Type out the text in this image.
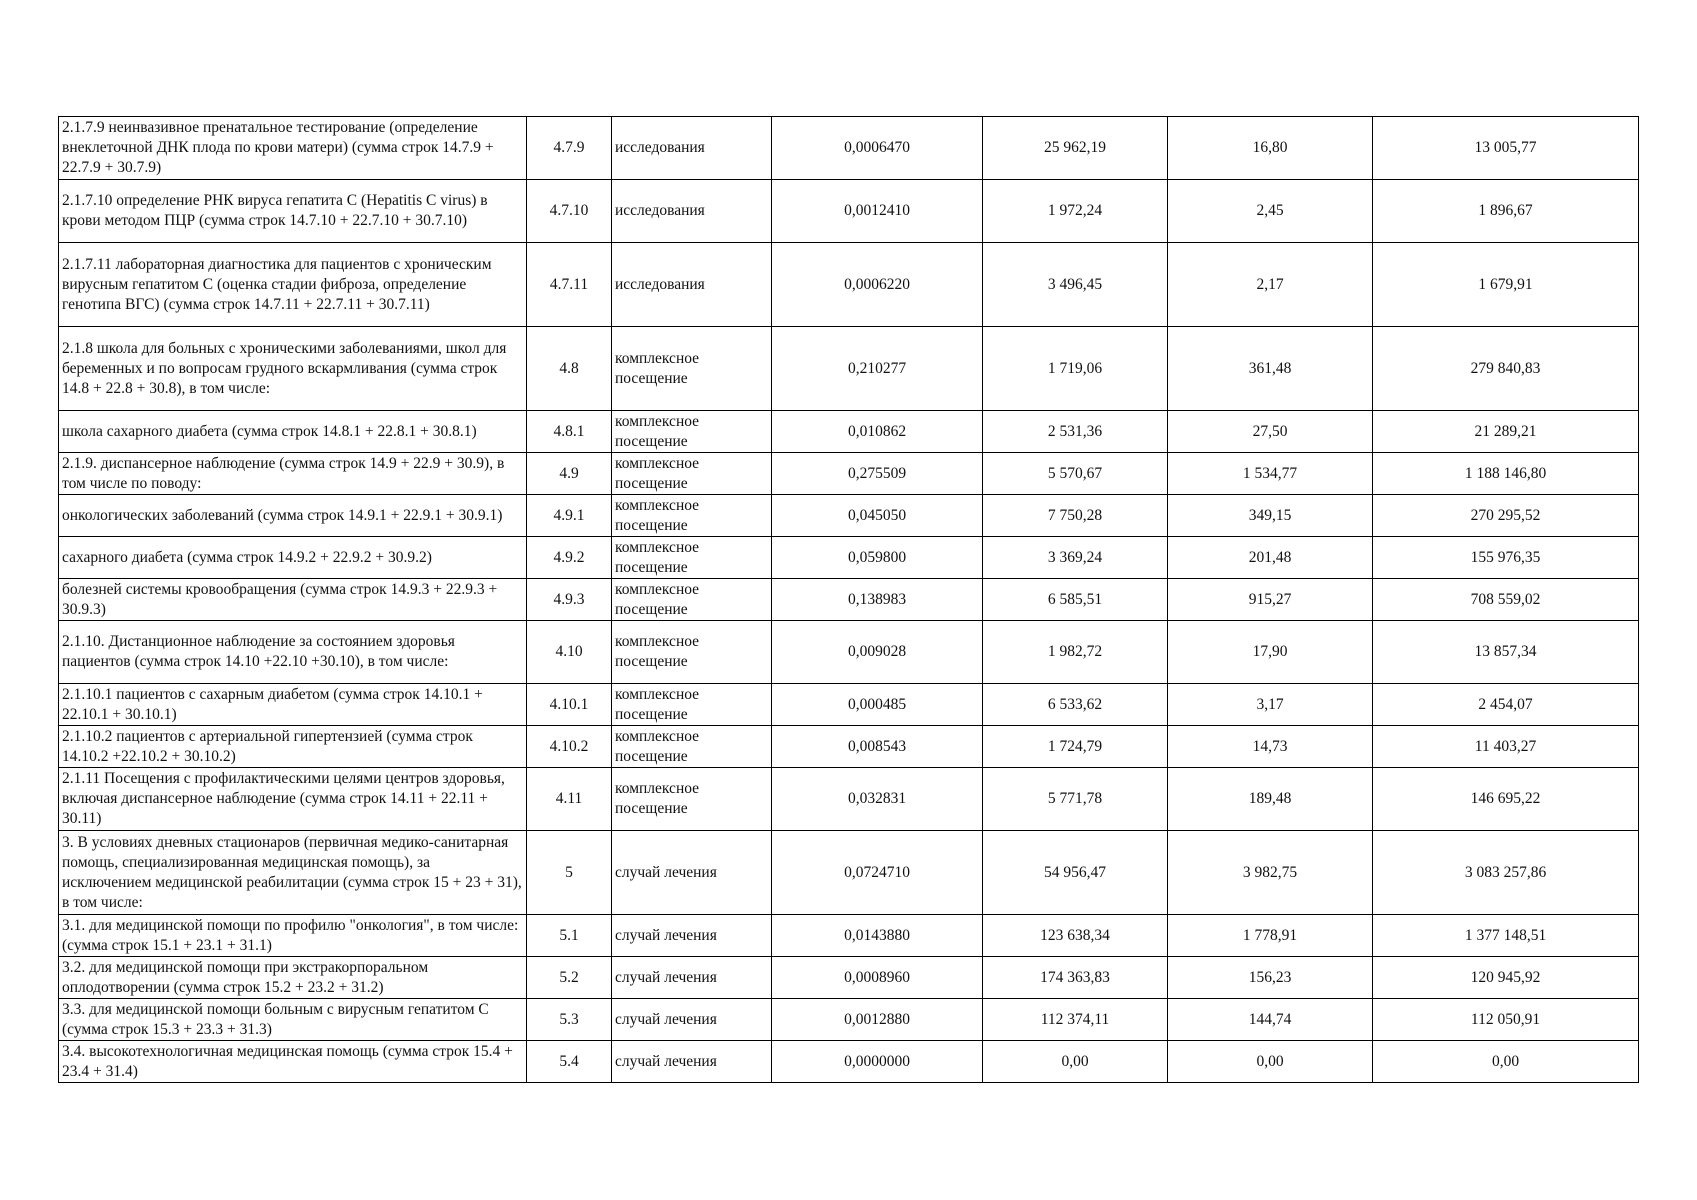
2.1.7.9 неинвазивное пренатальное тестирование (определение внеклеточной ДНК плода по крови матери) (сумма строк 14.7.9 + 22.7.9 + 30.7.9)	4.7.9	исследования	0,0006470	25 962,19	16,80	13 005,77
2.1.7.10 определение РНК вируса гепатита С (Hepatitis C virus) в крови методом ПЦР (сумма строк 14.7.10 + 22.7.10 + 30.7.10)	4.7.10	исследования	0,0012410	1 972,24	2,45	1 896,67
2.1.7.11 лабораторная диагностика для пациентов с хроническим вирусным гепатитом С (оценка стадии фиброза, определение генотипа ВГС) (сумма строк 14.7.11 + 22.7.11 + 30.7.11)	4.7.11	исследования	0,0006220	3 496,45	2,17	1 679,91
2.1.8 школа для больных с хроническими заболеваниями, школ для беременных и по вопросам грудного вскармливания (сумма строк 14.8 + 22.8 + 30.8), в том числе:	4.8	комплексное посещение	0,210277	1 719,06	361,48	279 840,83
школа сахарного диабета (сумма строк 14.8.1 + 22.8.1 + 30.8.1)	4.8.1	комплексное посещение	0,010862	2 531,36	27,50	21 289,21
2.1.9. диспансерное наблюдение (сумма строк 14.9 + 22.9 + 30.9), в том числе по поводу:	4.9	комплексное посещение	0,275509	5 570,67	1 534,77	1 188 146,80
онкологических заболеваний (сумма строк 14.9.1 + 22.9.1 + 30.9.1)	4.9.1	комплексное посещение	0,045050	7 750,28	349,15	270 295,52
сахарного диабета (сумма строк 14.9.2 + 22.9.2 + 30.9.2)	4.9.2	комплексное посещение	0,059800	3 369,24	201,48	155 976,35
болезней системы кровообращения (сумма строк 14.9.3 + 22.9.3 + 30.9.3)	4.9.3	комплексное посещение	0,138983	6 585,51	915,27	708 559,02
2.1.10. Дистанционное наблюдение за состоянием здоровья пациентов (сумма строк 14.10 +22.10 +30.10), в том числе:	4.10	комплексное посещение	0,009028	1 982,72	17,90	13 857,34
2.1.10.1 пациентов с сахарным диабетом (сумма строк 14.10.1 + 22.10.1 + 30.10.1)	4.10.1	комплексное посещение	0,000485	6 533,62	3,17	2 454,07
2.1.10.2 пациентов с артериальной гипертензией (сумма строк 14.10.2 +22.10.2 + 30.10.2)	4.10.2	комплексное посещение	0,008543	1 724,79	14,73	11 403,27
2.1.11 Посещения с профилактическими целями центров здоровья, включая диспансерное наблюдение (сумма строк 14.11 + 22.11 + 30.11)	4.11	комплексное посещение	0,032831	5 771,78	189,48	146 695,22
3. В условиях дневных стационаров (первичная медико-санитарная помощь, специализированная медицинская помощь), за исключением медицинской реабилитации (сумма строк 15 + 23 + 31), в том числе:	5	случай лечения	0,0724710	54 956,47	3 982,75	3 083 257,86
3.1. для медицинской помощи по профилю "онкология", в том числе: (сумма строк 15.1 + 23.1 + 31.1)	5.1	случай лечения	0,0143880	123 638,34	1 778,91	1 377 148,51
3.2. для медицинской помощи при экстракорпоральном оплодотворении (сумма строк 15.2 + 23.2 + 31.2)	5.2	случай лечения	0,0008960	174 363,83	156,23	120 945,92
3.3. для медицинской помощи больным с вирусным гепатитом С (сумма строк 15.3 + 23.3 + 31.3)	5.3	случай лечения	0,0012880	112 374,11	144,74	112 050,91
3.4. высокотехнологичная медицинская помощь (сумма строк 15.4 + 23.4 + 31.4)	5.4	случай лечения	0,0000000	0,00	0,00	0,00
